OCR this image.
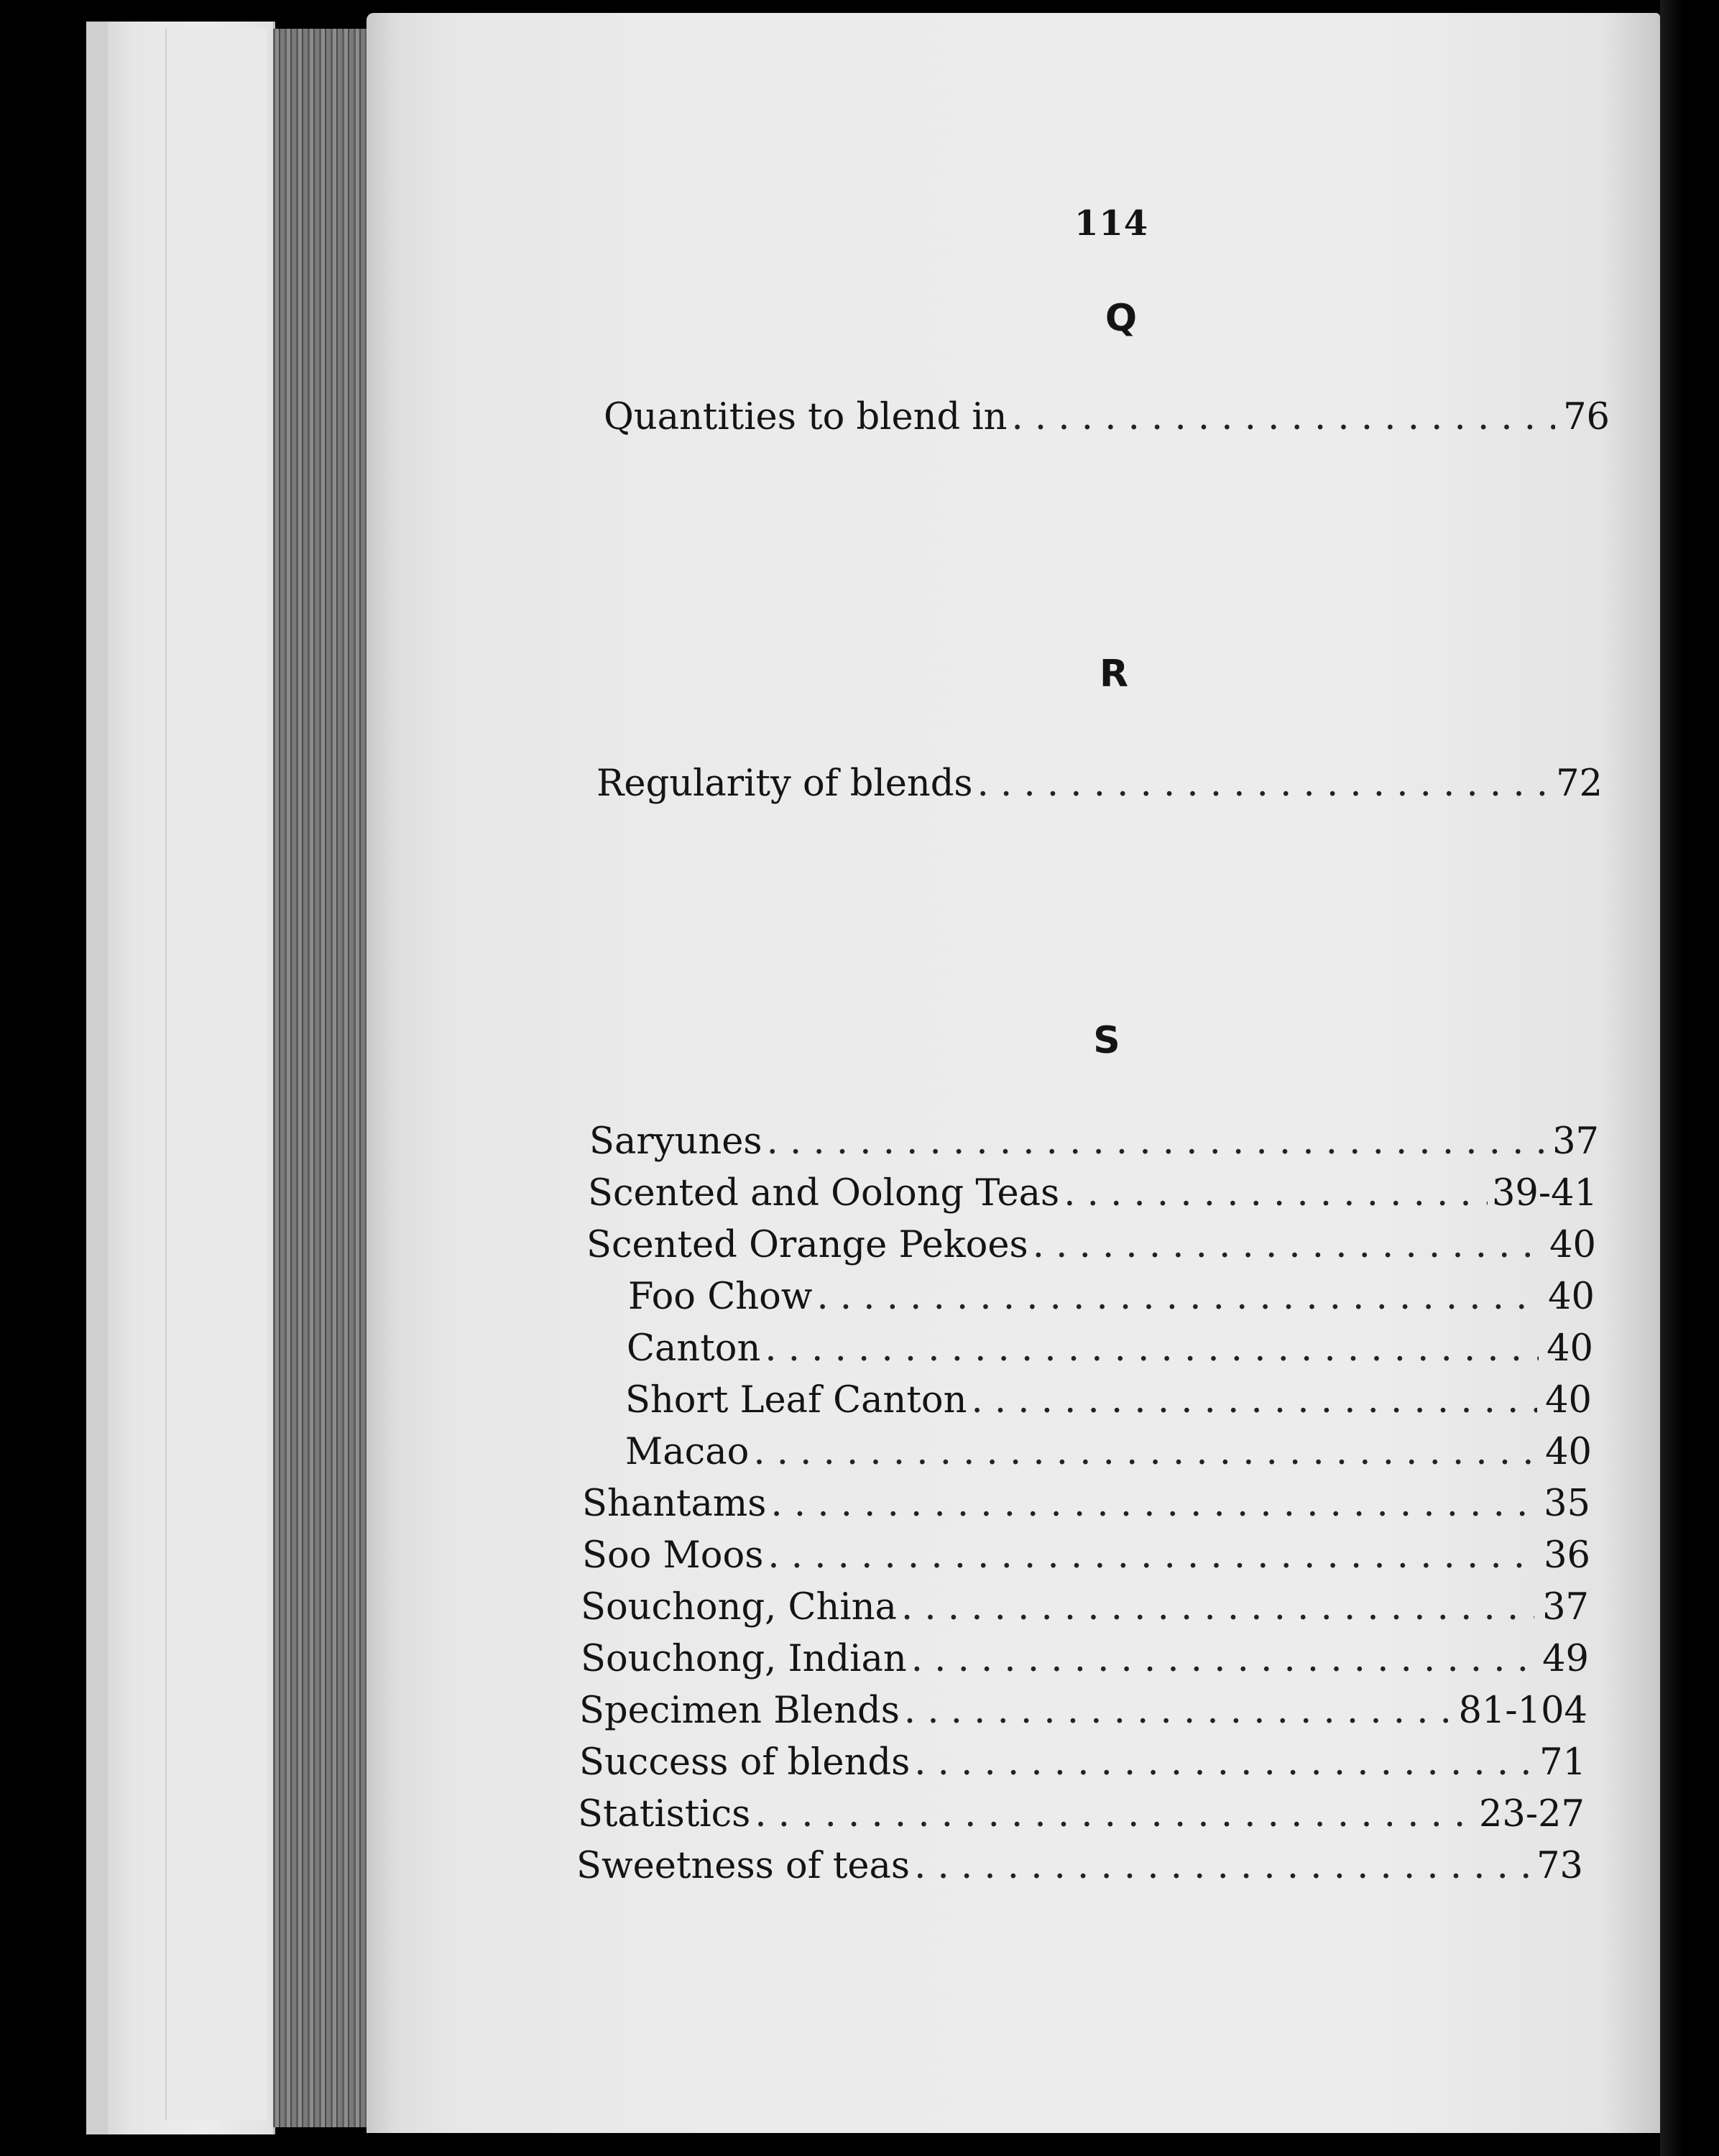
114
Q
Quantities to blend in . . .	76
R
Regularity of blends . . .	72
S
Saryunes . . .	37
Scented and Oolong Teas . . .	39-41
Scented Orange Pekoes . . .	40
Foo Chow . . .	40
Canton . . .	40
Short Leaf Canton . . .	40
Macao . . .	40
Shantams . . .	35
Soo Moos . . .	36
Souchong, China . . .	37
Souchong, Indian . . .	49
Specimen Blends . . .	81-104
Success of blends . . .	71
Statistics . . .	23-27
Sweetness of teas . . .	73
